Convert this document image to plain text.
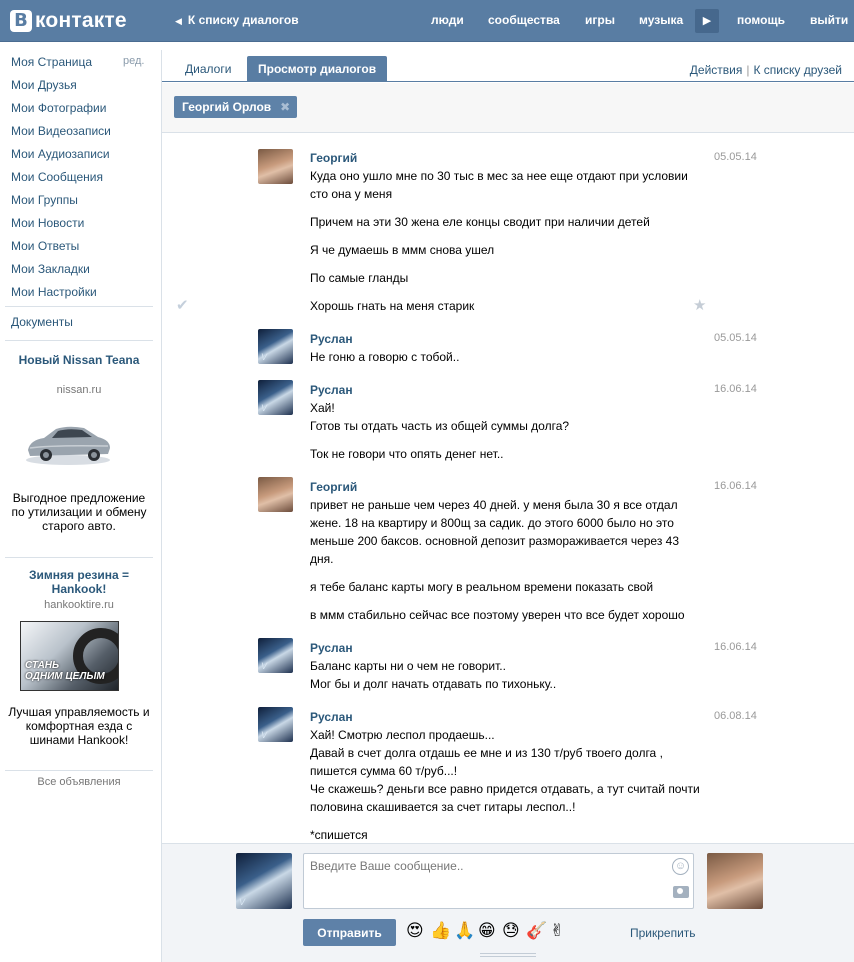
В контакте	◀ К списку диалогов	люди сообщества игры музыка	▶	помощь выйти
Моя Страница	ред.
Мои Друзья
Мои Фотографии
Мои Видеозаписи
Мои Аудиозаписи
Мои Сообщения
Мои Группы
Мои Новости
Мои Ответы
Мои Закладки
Мои Настройки
Документы
Новый Nissan Teana
nissan.ru
Выгодное предложение по утилизации и обмену старого авто.
Зимняя резина = Hankook!
hankooktire.ru
СТАНЬ
ОДНИМ ЦЕЛЫМ
Лучшая управляемость и комфортная езда с шинами Hankook!
Все объявления
Диалоги	Просмотр диалогов	Действия | К списку друзей
Георгий Орлов ✖
Георгий	05.05.14
Куда оно ушло мне по 30 тыс в мес за нее еще отдают при условии сто она у меня
Причем на эти 30 жена еле концы сводит при наличии детей
Я че думаешь в ммм снова ушел
По самые гланды
Хорошь гнать на меня старик
✔	★
V
Руслан	05.05.14
Не гоню а говорю с тобой..
V
Руслан	16.06.14
Хай!
Готов ты отдать часть из общей суммы долга?
Ток не говори что опять денег нет..
Георгий	16.06.14
привет не раньше чем через 40 дней. у меня была 30 я все отдал жене. 18 на квартиру и 800щ за садик. до этого 6000 было но это меньше 200 баксов. основной депозит размораживается через 43 дня.
я тебе баланс карты могу в реальном времени показать свой
в ммм стабильно сейчас все поэтому уверен что все будет хорошо
V
Руслан	16.06.14
Баланс карты ни о чем не говорит..
Мог бы и долг начать отдавать по тихоньку..
V
Руслан	06.08.14
Хай! Смотрю леспол продаешь...
Давай в счет долга отдашь ее мне и из 130 т/руб твоего долга , пишется сумма 60 т/руб...!
Че скажешь? деньги все равно придется отдавать, а тут считай почти половина скашивается за счет гитары леспол..!
*спишется
V
Введите Ваше сообщение..
☺
Отправить	😍 👍 🙏 😁 😓 🎸 ✌	Прикрепить
